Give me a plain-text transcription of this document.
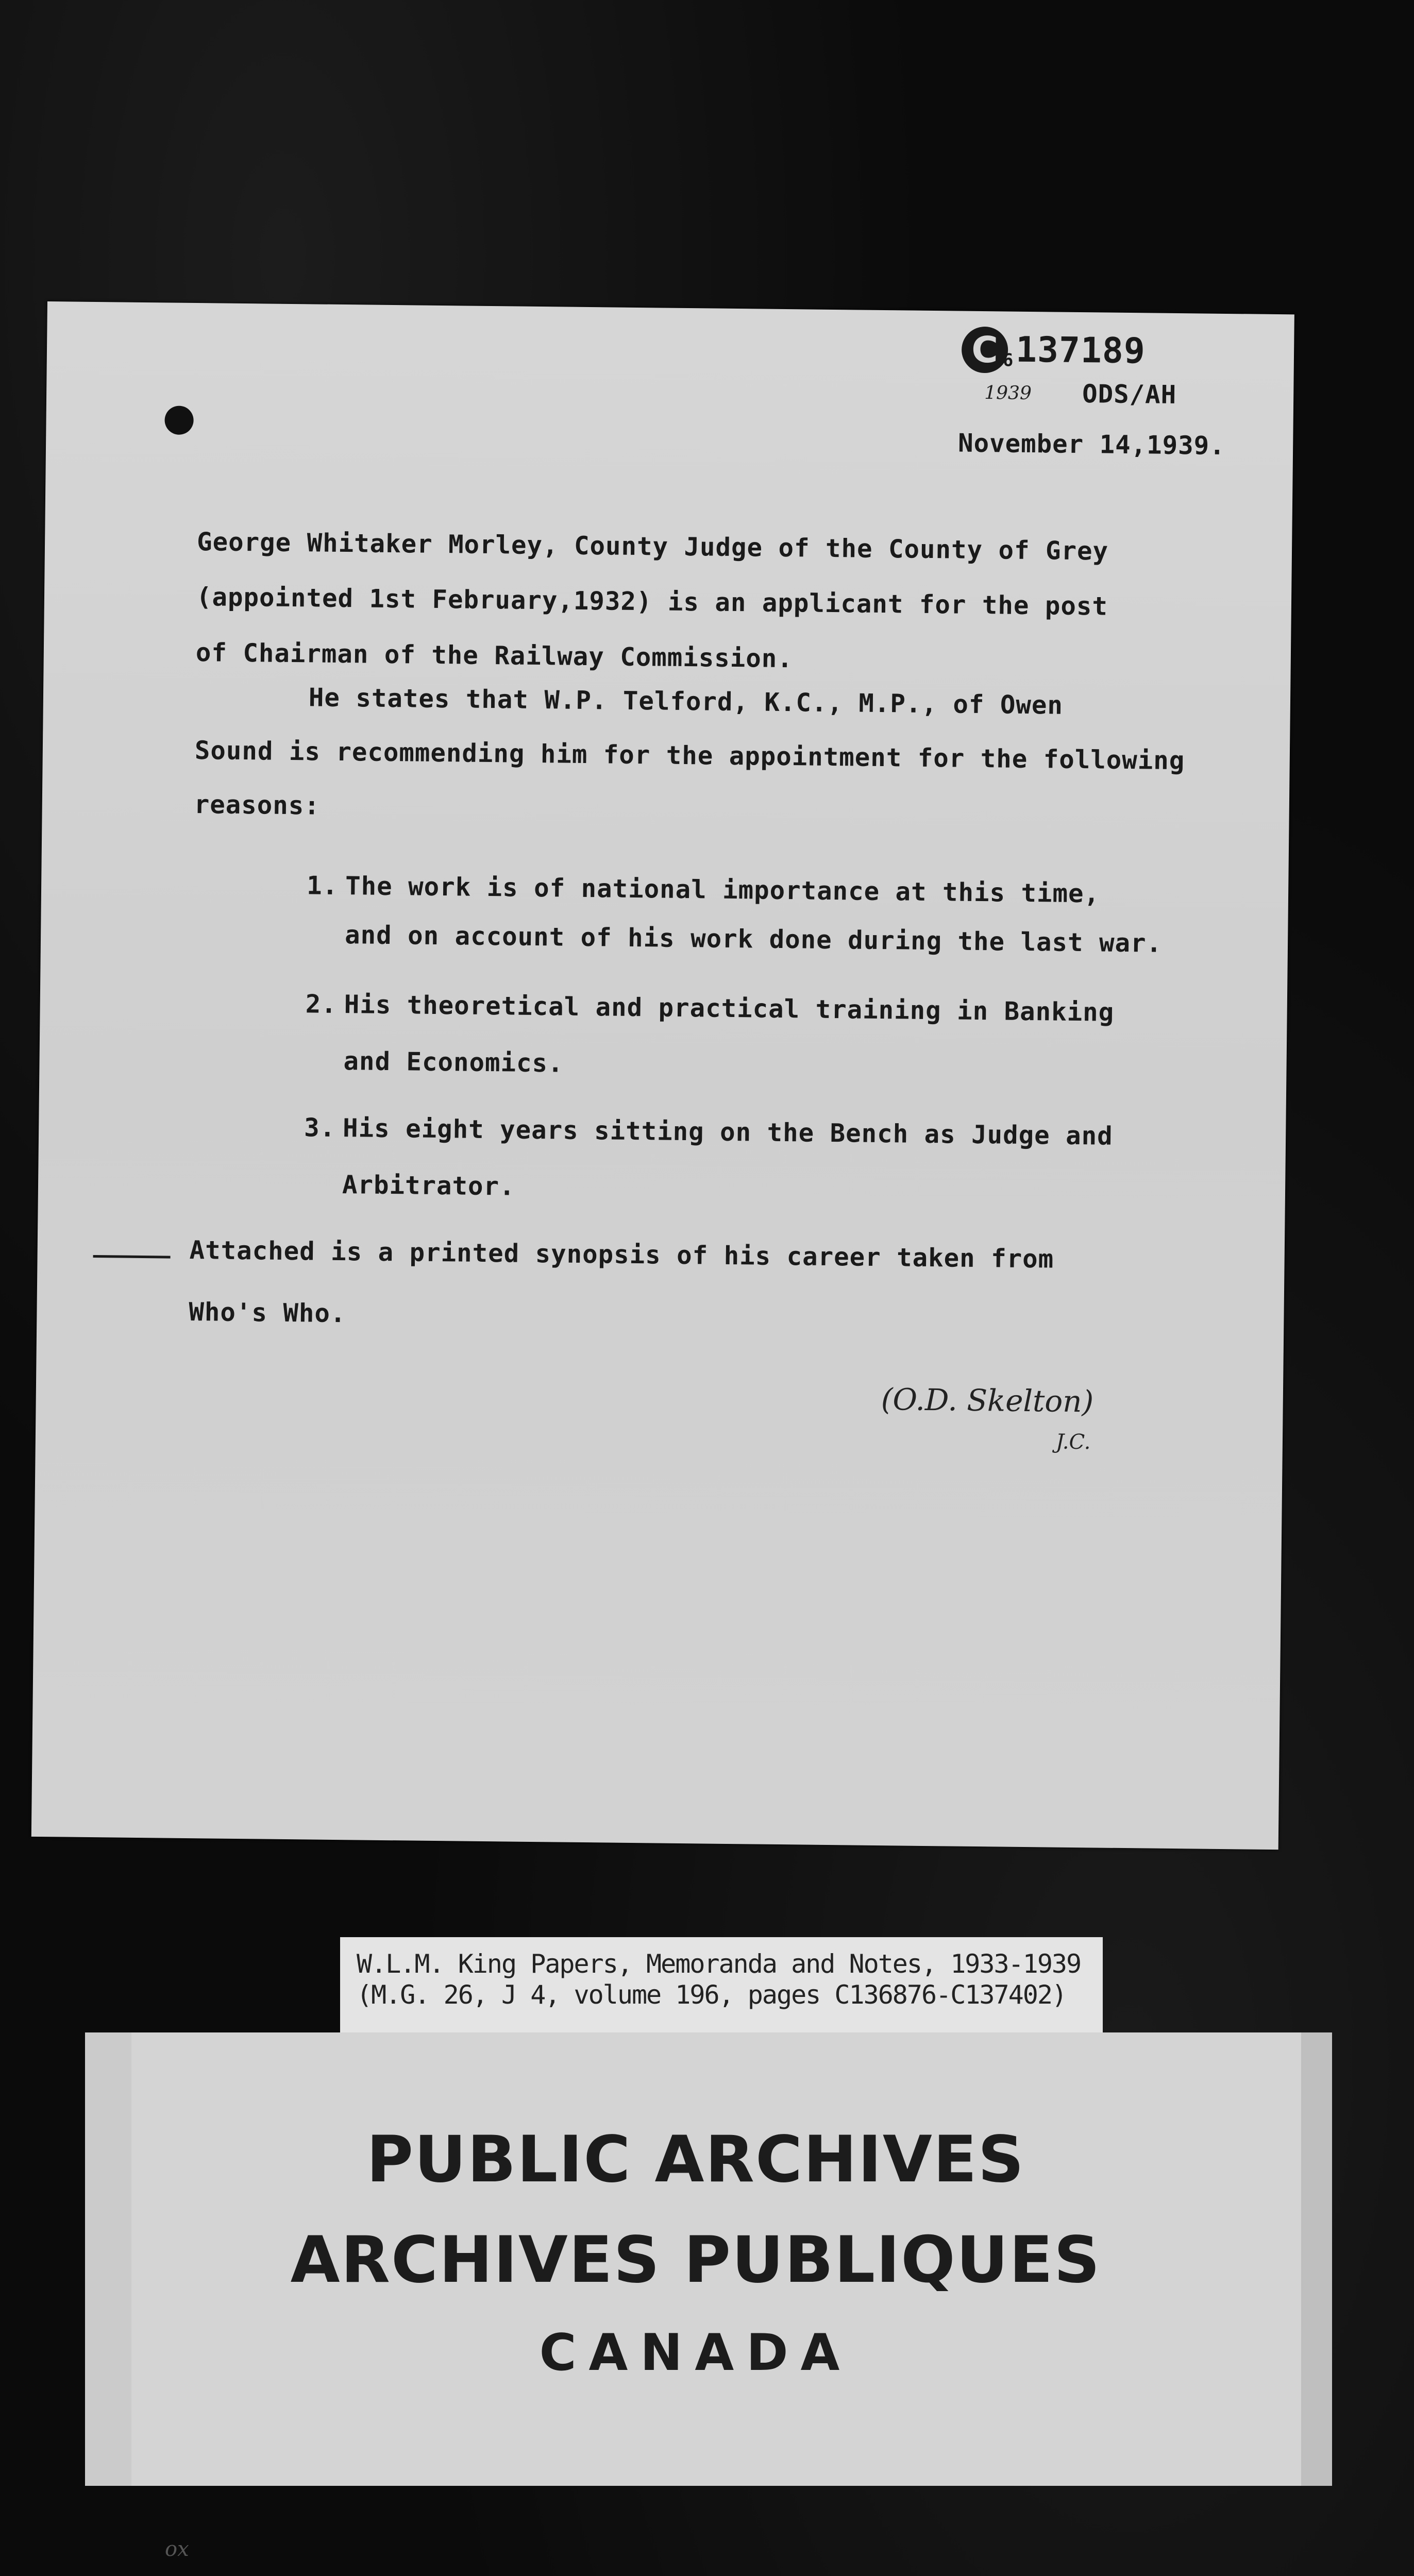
C 6 137189
1939 ODS/AH
November 14,1939.
George Whitaker Morley, County Judge of the County of Grey
(appointed 1st February,1932) is an applicant for the post
of Chairman of the Railway Commission.
He states that W.P. Telford, K.C., M.P., of Owen
Sound is recommending him for the appointment for the following
reasons:
1. The work is of national importance at this time,
and on account of his work done during the last war.
2. His theoretical and practical training in Banking
and Economics.
3. His eight years sitting on the Bench as Judge and
Arbitrator.
Attached is a printed synopsis of his career taken from
Who's Who.
(O.D. Skelton)
J.C.
W.L.M. King Papers, Memoranda and Notes, 1933-1939
(M.G. 26, J 4, volume 196, pages C136876-C137402)
PUBLIC ARCHIVES
ARCHIVES PUBLIQUES
CANADA
ox
